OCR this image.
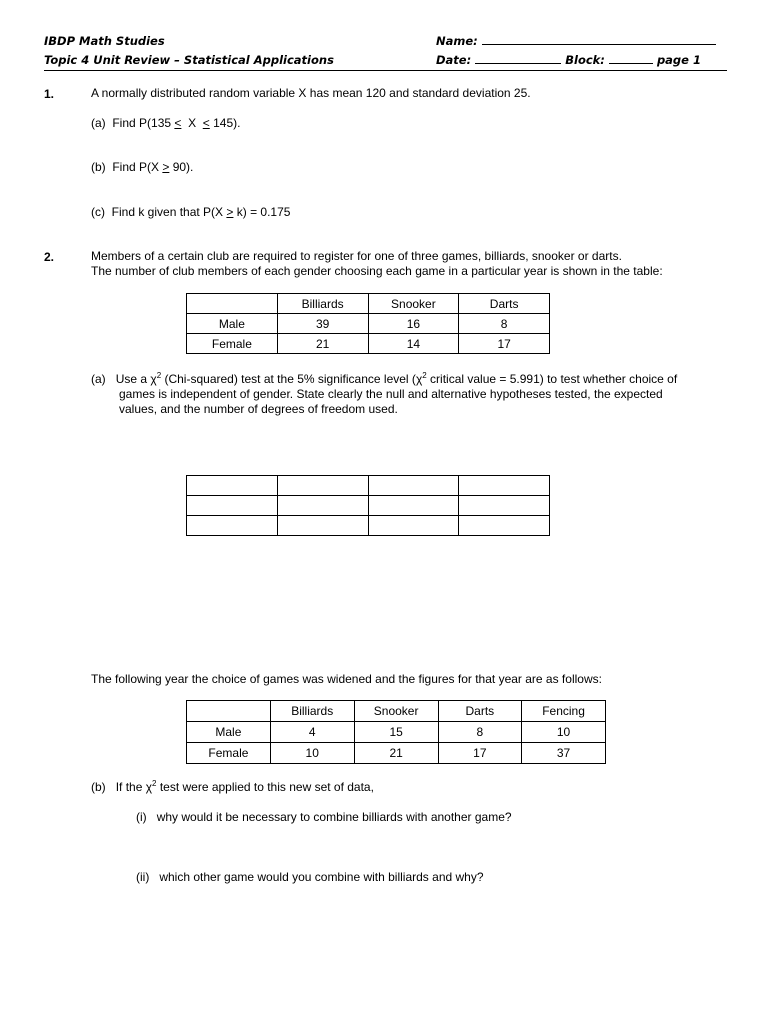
IBDP Math Studies
Topic 4 Unit Review – Statistical Applications
Name:
Date:	Block:	page 1
1.	A normally distributed random variable X has mean 120 and standard deviation 25.
(a) Find P(135 <  X  < 145).
(b) Find P(X > 90).
(c) Find k given that P(X > k) = 0.175
2.	Members of a certain club are required to register for one of three games, billiards, snooker or darts.
The number of club members of each gender choosing each game in a particular year is shown in the table:
	Billiards	Snooker	Darts
Male	39	16	8
Female	21	14	17
(a) Use a $\chi^2$ (Chi-squared) test at the 5% significance level ($\chi^2$ critical value = 5.991) to test whether choice of
games is independent of gender. State clearly the null and alternative hypotheses tested, the expected
values, and the number of degrees of freedom used.

The following year the choice of games was widened and the figures for that year are as follows:
	Billiards	Snooker	Darts	Fencing
Male	4	15	8	10
Female	10	21	17	37
(b) If the $\chi^2$ test were applied to this new set of data,
(i) why would it be necessary to combine billiards with another game?
(ii) which other game would you combine with billiards and why?
